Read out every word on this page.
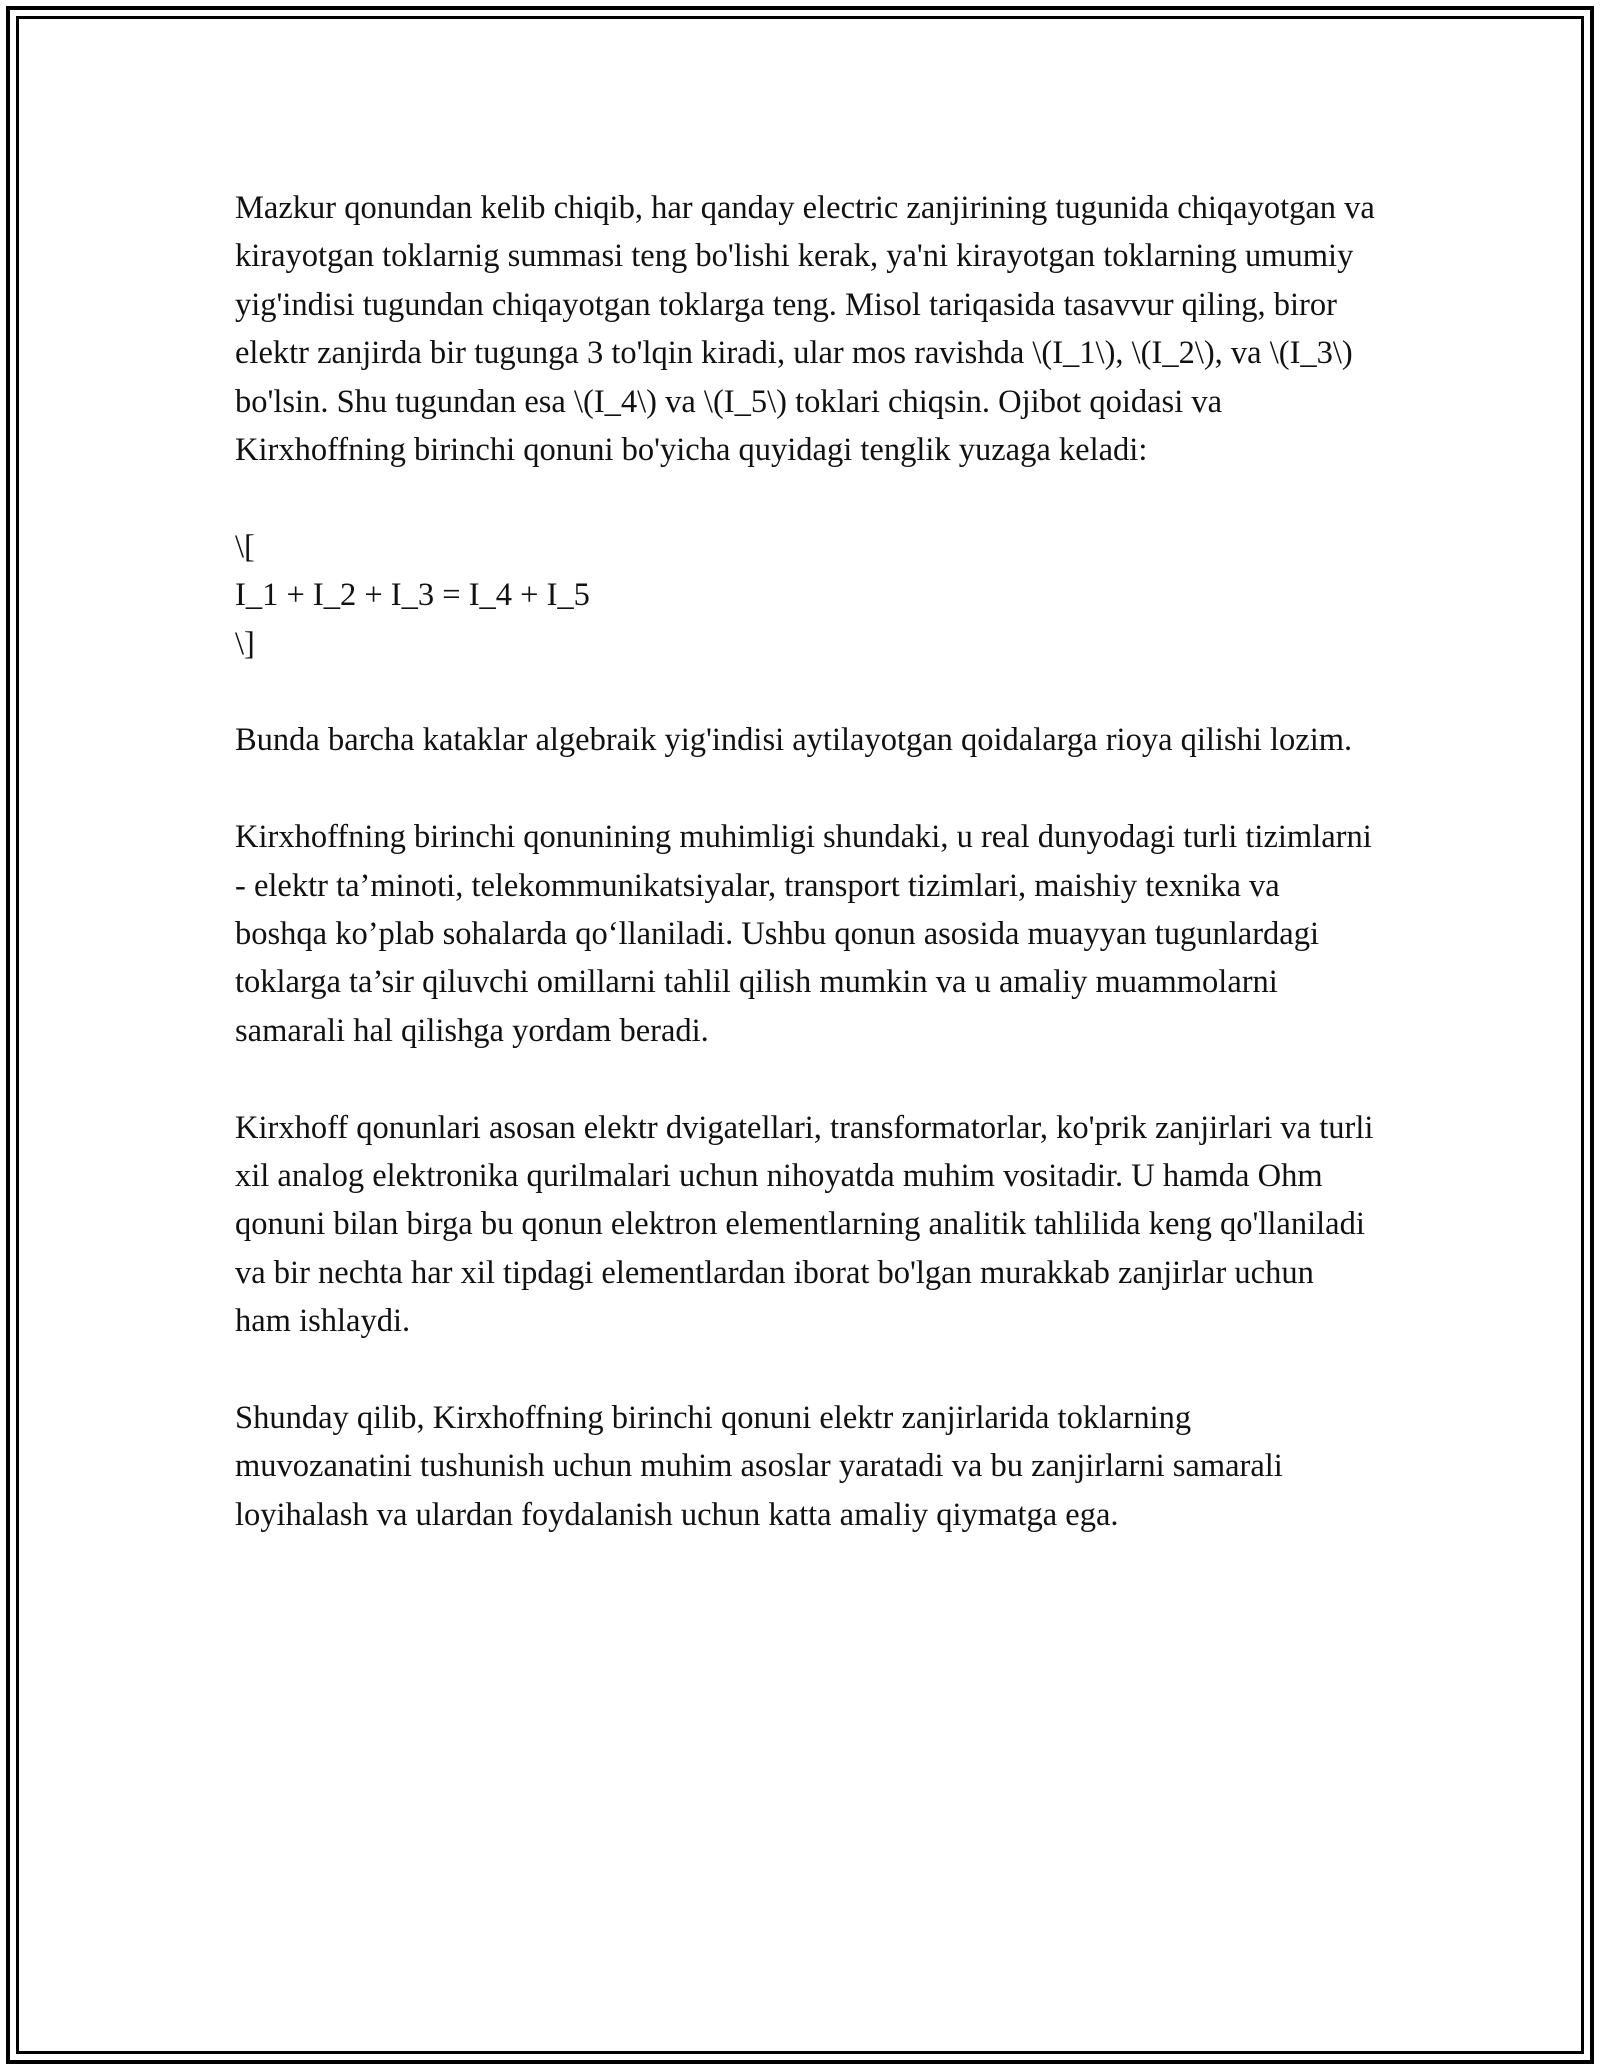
Mazkur qonundan kelib chiqib, har qanday electric zanjirining tugunida chiqayotgan va kirayotgan toklarnig summasi teng bo'lishi kerak, ya'ni kirayotgan toklarning umumiy yig'indisi tugundan chiqayotgan toklarga teng. Misol tariqasida tasavvur qiling, biror elektr zanjirda bir tugunga 3 to'lqin kiradi, ular mos ravishda \(I_1\), \(I_2\), va \(I_3\) bo'lsin. Shu tugundan esa \(I_4\) va \(I_5\) toklari chiqsin. Ojibot qoidasi va Kirxhoffning birinchi qonuni bo'yicha quyidagi tenglik yuzaga keladi:

\[
I_1 + I_2 + I_3 = I_4 + I_5
\]

Bunda barcha kataklar algebraik yig'indisi aytilayotgan qoidalarga rioya qilishi lozim.

Kirxhoffning birinchi qonunining muhimligi shundaki, u real dunyodagi turli tizimlarni - elektr ta’minoti, telekommunikatsiyalar, transport tizimlari, maishiy texnika va boshqa ko’plab sohalarda qo‘llaniladi. Ushbu qonun asosida muayyan tugunlardagi toklarga ta’sir qiluvchi omillarni tahlil qilish mumkin va u amaliy muammolarni samarali hal qilishga yordam beradi.

Kirxhoff qonunlari asosan elektr dvigatellari, transformatorlar, ko'prik zanjirlari va turli xil analog elektronika qurilmalari uchun nihoyatda muhim vositadir. U hamda Ohm qonuni bilan birga bu qonun elektron elementlarning analitik tahlilida keng qo'llaniladi va bir nechta har xil tipdagi elementlardan iborat bo'lgan murakkab zanjirlar uchun ham ishlaydi.

Shunday qilib, Kirxhoffning birinchi qonuni elektr zanjirlarida toklarning muvozanatini tushunish uchun muhim asoslar yaratadi va bu zanjirlarni samarali loyihalash va ulardan foydalanish uchun katta amaliy qiymatga ega.
